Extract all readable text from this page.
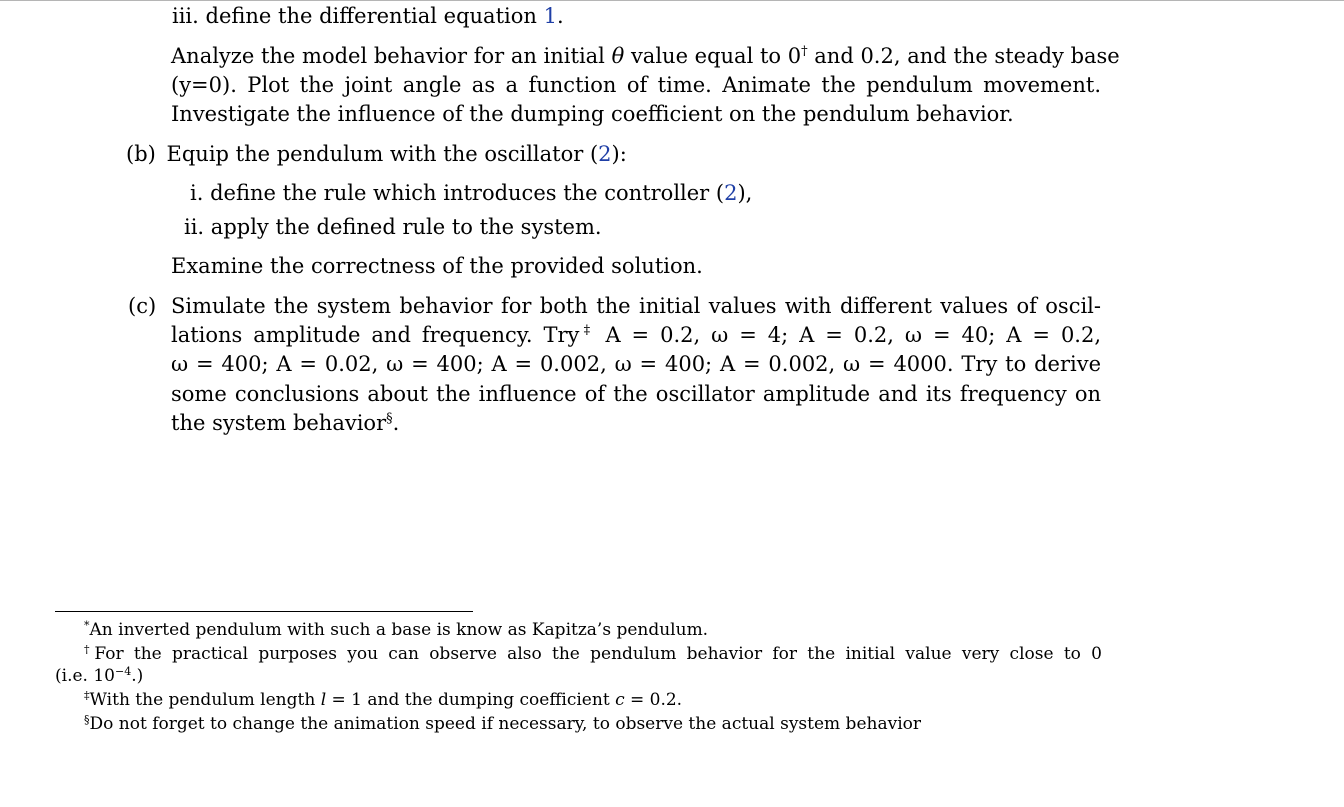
iii. define the differential equation 1.
Analyze the model behavior for an initial θ value equal to 0† and 0.2, and the steady base
(y=0). Plot the joint angle as a function of time. Animate the pendulum movement.
Investigate the influence of the dumping coefficient on the pendulum behavior.
(b) Equip the pendulum with the oscillator (2):
i. define the rule which introduces the controller (2),
ii. apply the defined rule to the system.
Examine the correctness of the provided solution.
(c) Simulate the system behavior for both the initial values with different values of oscil-
lations amplitude and frequency. Try‡ A = 0.2, ω = 4; A = 0.2, ω = 40; A = 0.2,
ω = 400; A = 0.02, ω = 400; A = 0.002, ω = 400; A = 0.002, ω = 4000. Try to derive
some conclusions about the influence of the oscillator amplitude and its frequency on
the system behavior§.
*An inverted pendulum with such a base is know as Kapitza’s pendulum.
†For the practical purposes you can observe also the pendulum behavior for the initial value very close to 0
(i.e. $10^{-4}$.)
‡With the pendulum length l = 1 and the dumping coefficient c = 0.2.
§Do not forget to change the animation speed if necessary, to observe the actual system behavior
